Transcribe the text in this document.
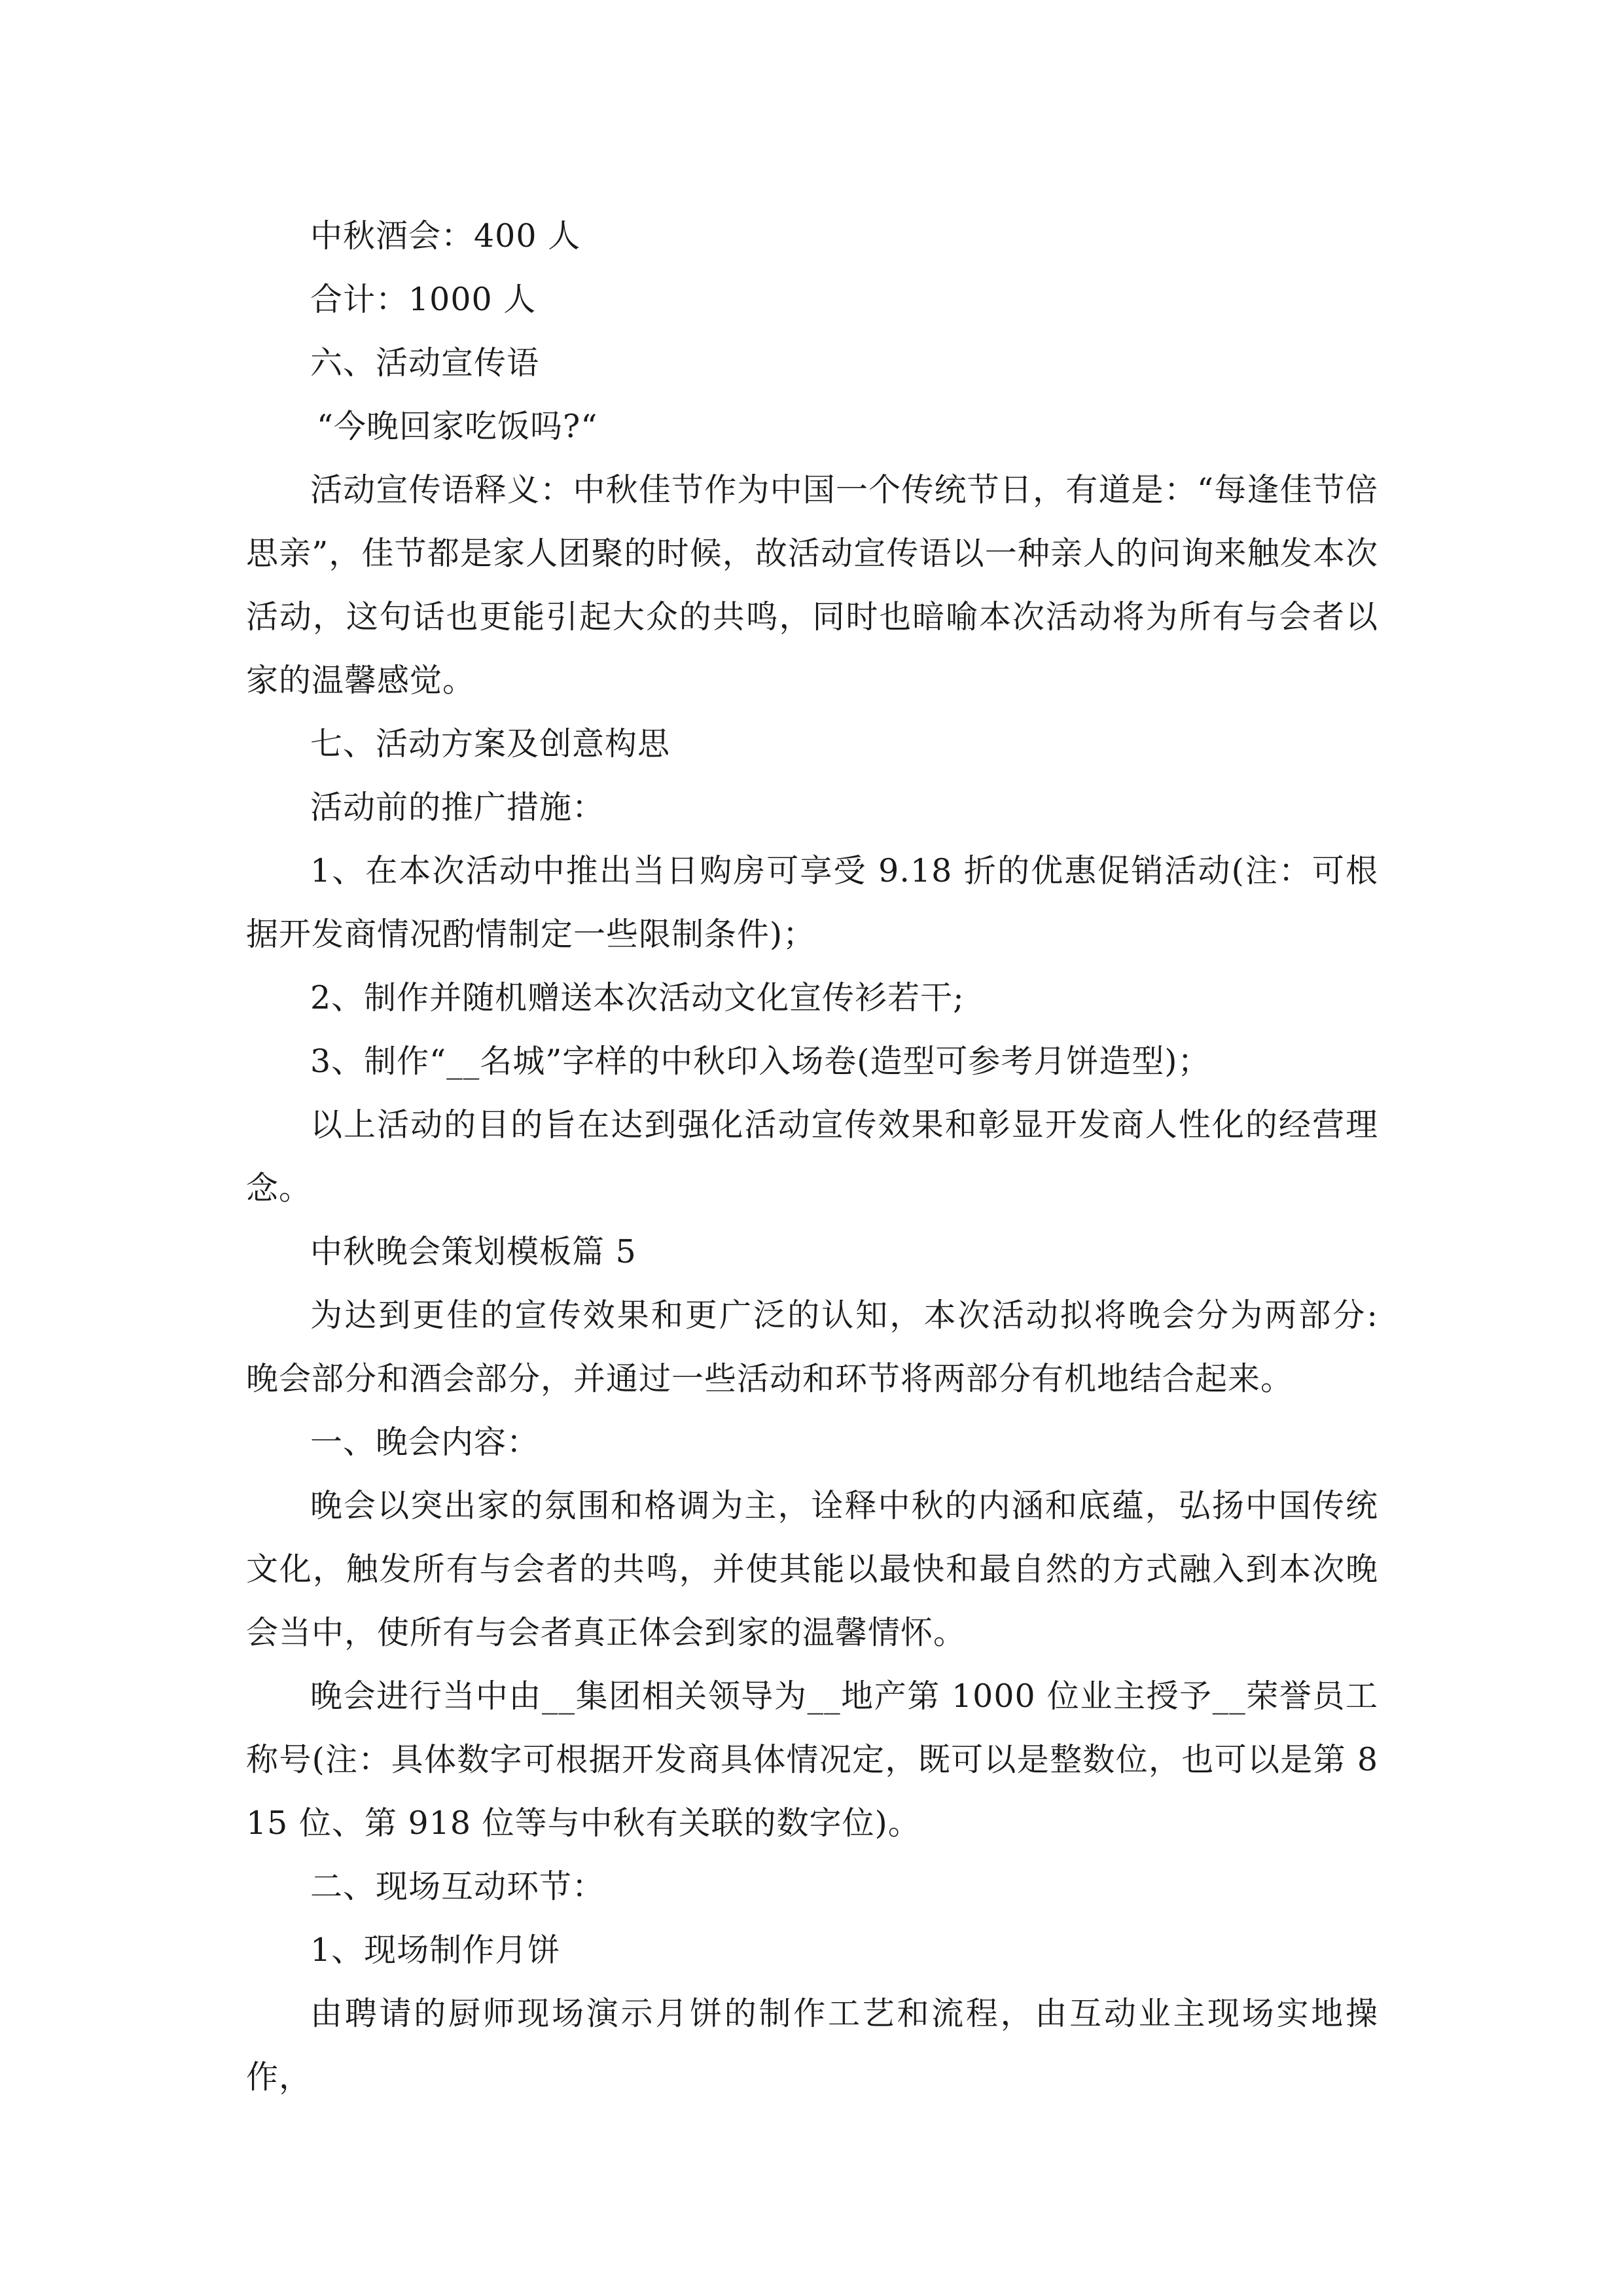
中秋酒会：400 人

合计：1000 人

六、活动宣传语

“今晚回家吃饭吗?“

活动宣传语释义：中秋佳节作为中国一个传统节日，有道是：“每逢佳节倍思亲”，佳节都是家人团聚的时候，故活动宣传语以一种亲人的问询来触发本次活动，这句话也更能引起大众的共鸣，同时也暗喻本次活动将为所有与会者以家的温馨感觉。

七、活动方案及创意构思

活动前的推广措施：

1、在本次活动中推出当日购房可享受 9.18 折的优惠促销活动(注：可根据开发商情况酌情制定一些限制条件)；

2、制作并随机赠送本次活动文化宣传衫若干;

3、制作“__名城”字样的中秋印入场卷(造型可参考月饼造型)；

以上活动的目的旨在达到强化活动宣传效果和彰显开发商人性化的经营理念。

中秋晚会策划模板篇 5

为达到更佳的宣传效果和更广泛的认知，本次活动拟将晚会分为两部分: 晚会部分和酒会部分，并通过一些活动和环节将两部分有机地结合起来。

一、晚会内容：

晚会以突出家的氛围和格调为主，诠释中秋的内涵和底蕴，弘扬中国传统文化，触发所有与会者的共鸣，并使其能以最快和最自然的方式融入到本次晚会当中，使所有与会者真正体会到家的温馨情怀。

晚会进行当中由__集团相关领导为__地产第 1000 位业主授予__荣誉员工称号(注：具体数字可根据开发商具体情况定，既可以是整数位，也可以是第 815 位、第 918 位等与中秋有关联的数字位)。

二、现场互动环节：

1、现场制作月饼

由聘请的厨师现场演示月饼的制作工艺和流程，由互动业主现场实地操作，
